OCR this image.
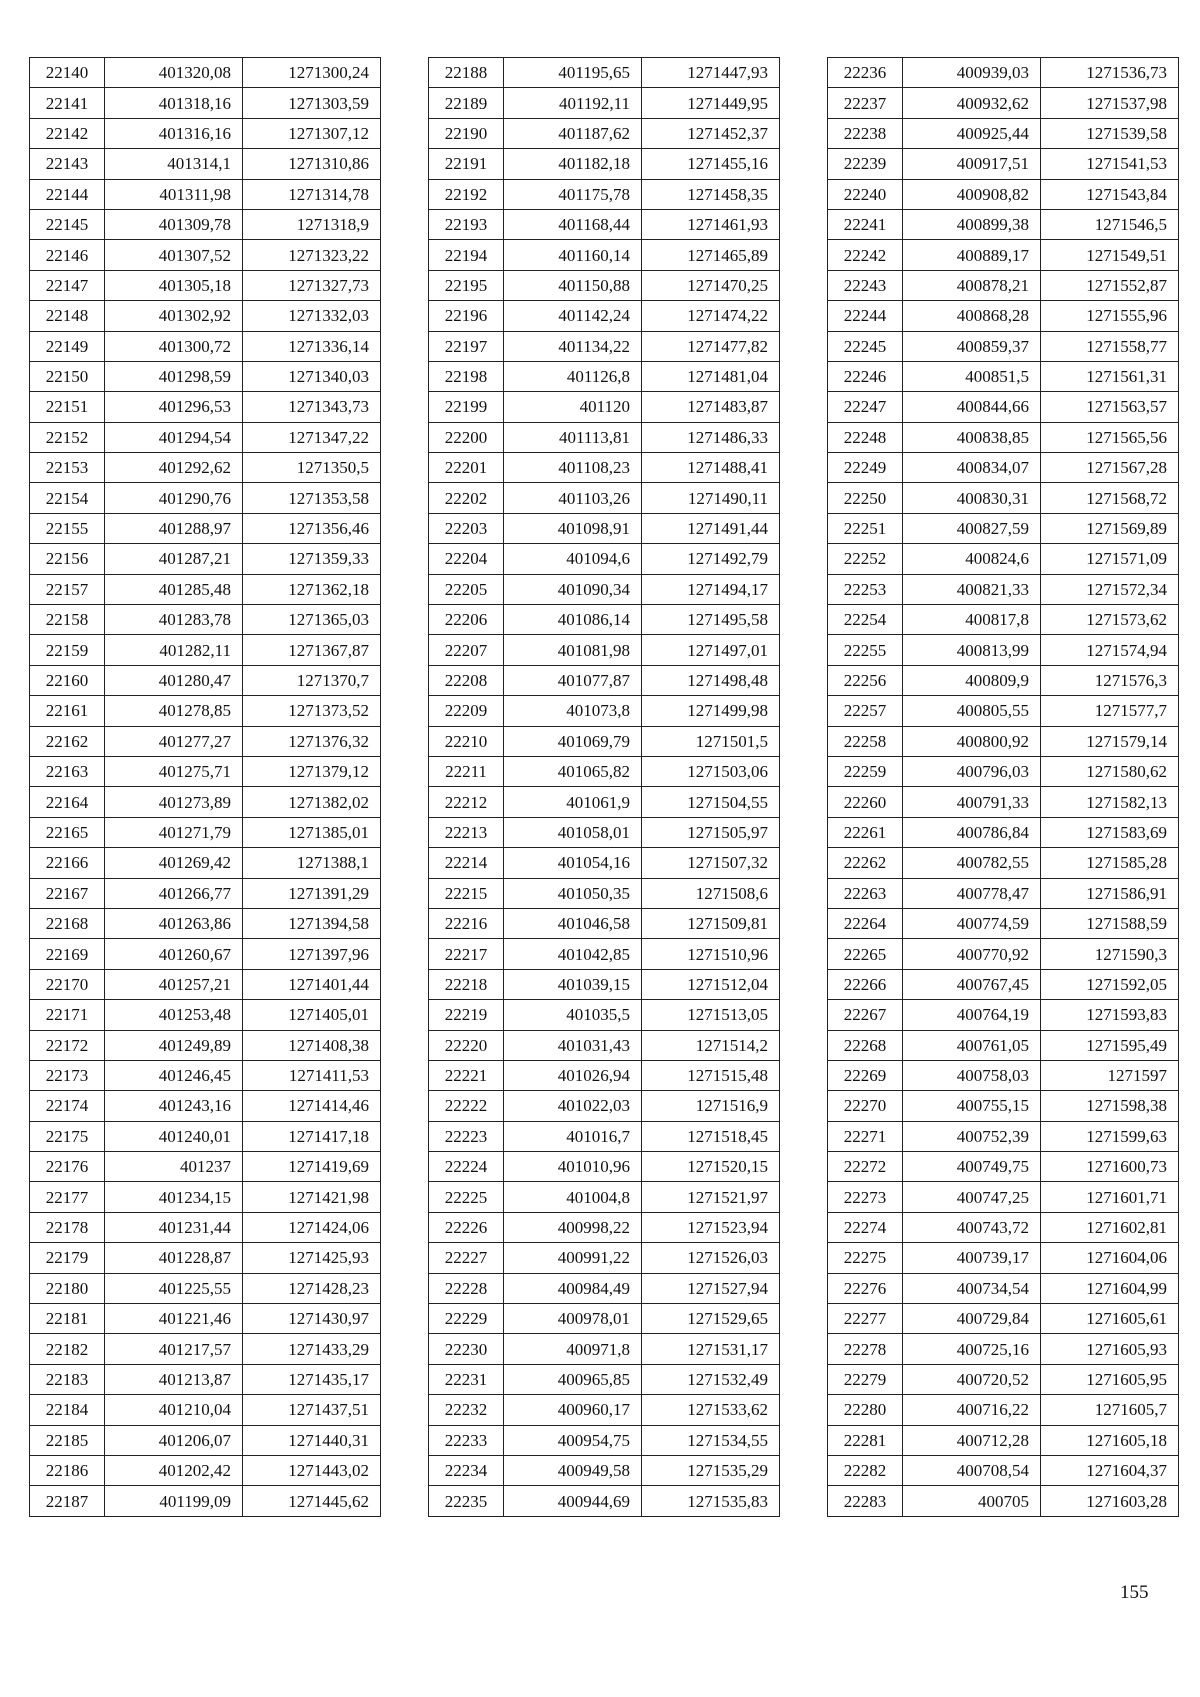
22140	401320,08	1271300,24
22141	401318,16	1271303,59
22142	401316,16	1271307,12
22143	401314,1	1271310,86
22144	401311,98	1271314,78
22145	401309,78	1271318,9
22146	401307,52	1271323,22
22147	401305,18	1271327,73
22148	401302,92	1271332,03
22149	401300,72	1271336,14
22150	401298,59	1271340,03
22151	401296,53	1271343,73
22152	401294,54	1271347,22
22153	401292,62	1271350,5
22154	401290,76	1271353,58
22155	401288,97	1271356,46
22156	401287,21	1271359,33
22157	401285,48	1271362,18
22158	401283,78	1271365,03
22159	401282,11	1271367,87
22160	401280,47	1271370,7
22161	401278,85	1271373,52
22162	401277,27	1271376,32
22163	401275,71	1271379,12
22164	401273,89	1271382,02
22165	401271,79	1271385,01
22166	401269,42	1271388,1
22167	401266,77	1271391,29
22168	401263,86	1271394,58
22169	401260,67	1271397,96
22170	401257,21	1271401,44
22171	401253,48	1271405,01
22172	401249,89	1271408,38
22173	401246,45	1271411,53
22174	401243,16	1271414,46
22175	401240,01	1271417,18
22176	401237	1271419,69
22177	401234,15	1271421,98
22178	401231,44	1271424,06
22179	401228,87	1271425,93
22180	401225,55	1271428,23
22181	401221,46	1271430,97
22182	401217,57	1271433,29
22183	401213,87	1271435,17
22184	401210,04	1271437,51
22185	401206,07	1271440,31
22186	401202,42	1271443,02
22187	401199,09	1271445,62
22188	401195,65	1271447,93
22189	401192,11	1271449,95
22190	401187,62	1271452,37
22191	401182,18	1271455,16
22192	401175,78	1271458,35
22193	401168,44	1271461,93
22194	401160,14	1271465,89
22195	401150,88	1271470,25
22196	401142,24	1271474,22
22197	401134,22	1271477,82
22198	401126,8	1271481,04
22199	401120	1271483,87
22200	401113,81	1271486,33
22201	401108,23	1271488,41
22202	401103,26	1271490,11
22203	401098,91	1271491,44
22204	401094,6	1271492,79
22205	401090,34	1271494,17
22206	401086,14	1271495,58
22207	401081,98	1271497,01
22208	401077,87	1271498,48
22209	401073,8	1271499,98
22210	401069,79	1271501,5
22211	401065,82	1271503,06
22212	401061,9	1271504,55
22213	401058,01	1271505,97
22214	401054,16	1271507,32
22215	401050,35	1271508,6
22216	401046,58	1271509,81
22217	401042,85	1271510,96
22218	401039,15	1271512,04
22219	401035,5	1271513,05
22220	401031,43	1271514,2
22221	401026,94	1271515,48
22222	401022,03	1271516,9
22223	401016,7	1271518,45
22224	401010,96	1271520,15
22225	401004,8	1271521,97
22226	400998,22	1271523,94
22227	400991,22	1271526,03
22228	400984,49	1271527,94
22229	400978,01	1271529,65
22230	400971,8	1271531,17
22231	400965,85	1271532,49
22232	400960,17	1271533,62
22233	400954,75	1271534,55
22234	400949,58	1271535,29
22235	400944,69	1271535,83
22236	400939,03	1271536,73
22237	400932,62	1271537,98
22238	400925,44	1271539,58
22239	400917,51	1271541,53
22240	400908,82	1271543,84
22241	400899,38	1271546,5
22242	400889,17	1271549,51
22243	400878,21	1271552,87
22244	400868,28	1271555,96
22245	400859,37	1271558,77
22246	400851,5	1271561,31
22247	400844,66	1271563,57
22248	400838,85	1271565,56
22249	400834,07	1271567,28
22250	400830,31	1271568,72
22251	400827,59	1271569,89
22252	400824,6	1271571,09
22253	400821,33	1271572,34
22254	400817,8	1271573,62
22255	400813,99	1271574,94
22256	400809,9	1271576,3
22257	400805,55	1271577,7
22258	400800,92	1271579,14
22259	400796,03	1271580,62
22260	400791,33	1271582,13
22261	400786,84	1271583,69
22262	400782,55	1271585,28
22263	400778,47	1271586,91
22264	400774,59	1271588,59
22265	400770,92	1271590,3
22266	400767,45	1271592,05
22267	400764,19	1271593,83
22268	400761,05	1271595,49
22269	400758,03	1271597
22270	400755,15	1271598,38
22271	400752,39	1271599,63
22272	400749,75	1271600,73
22273	400747,25	1271601,71
22274	400743,72	1271602,81
22275	400739,17	1271604,06
22276	400734,54	1271604,99
22277	400729,84	1271605,61
22278	400725,16	1271605,93
22279	400720,52	1271605,95
22280	400716,22	1271605,7
22281	400712,28	1271605,18
22282	400708,54	1271604,37
22283	400705	1271603,28
155
